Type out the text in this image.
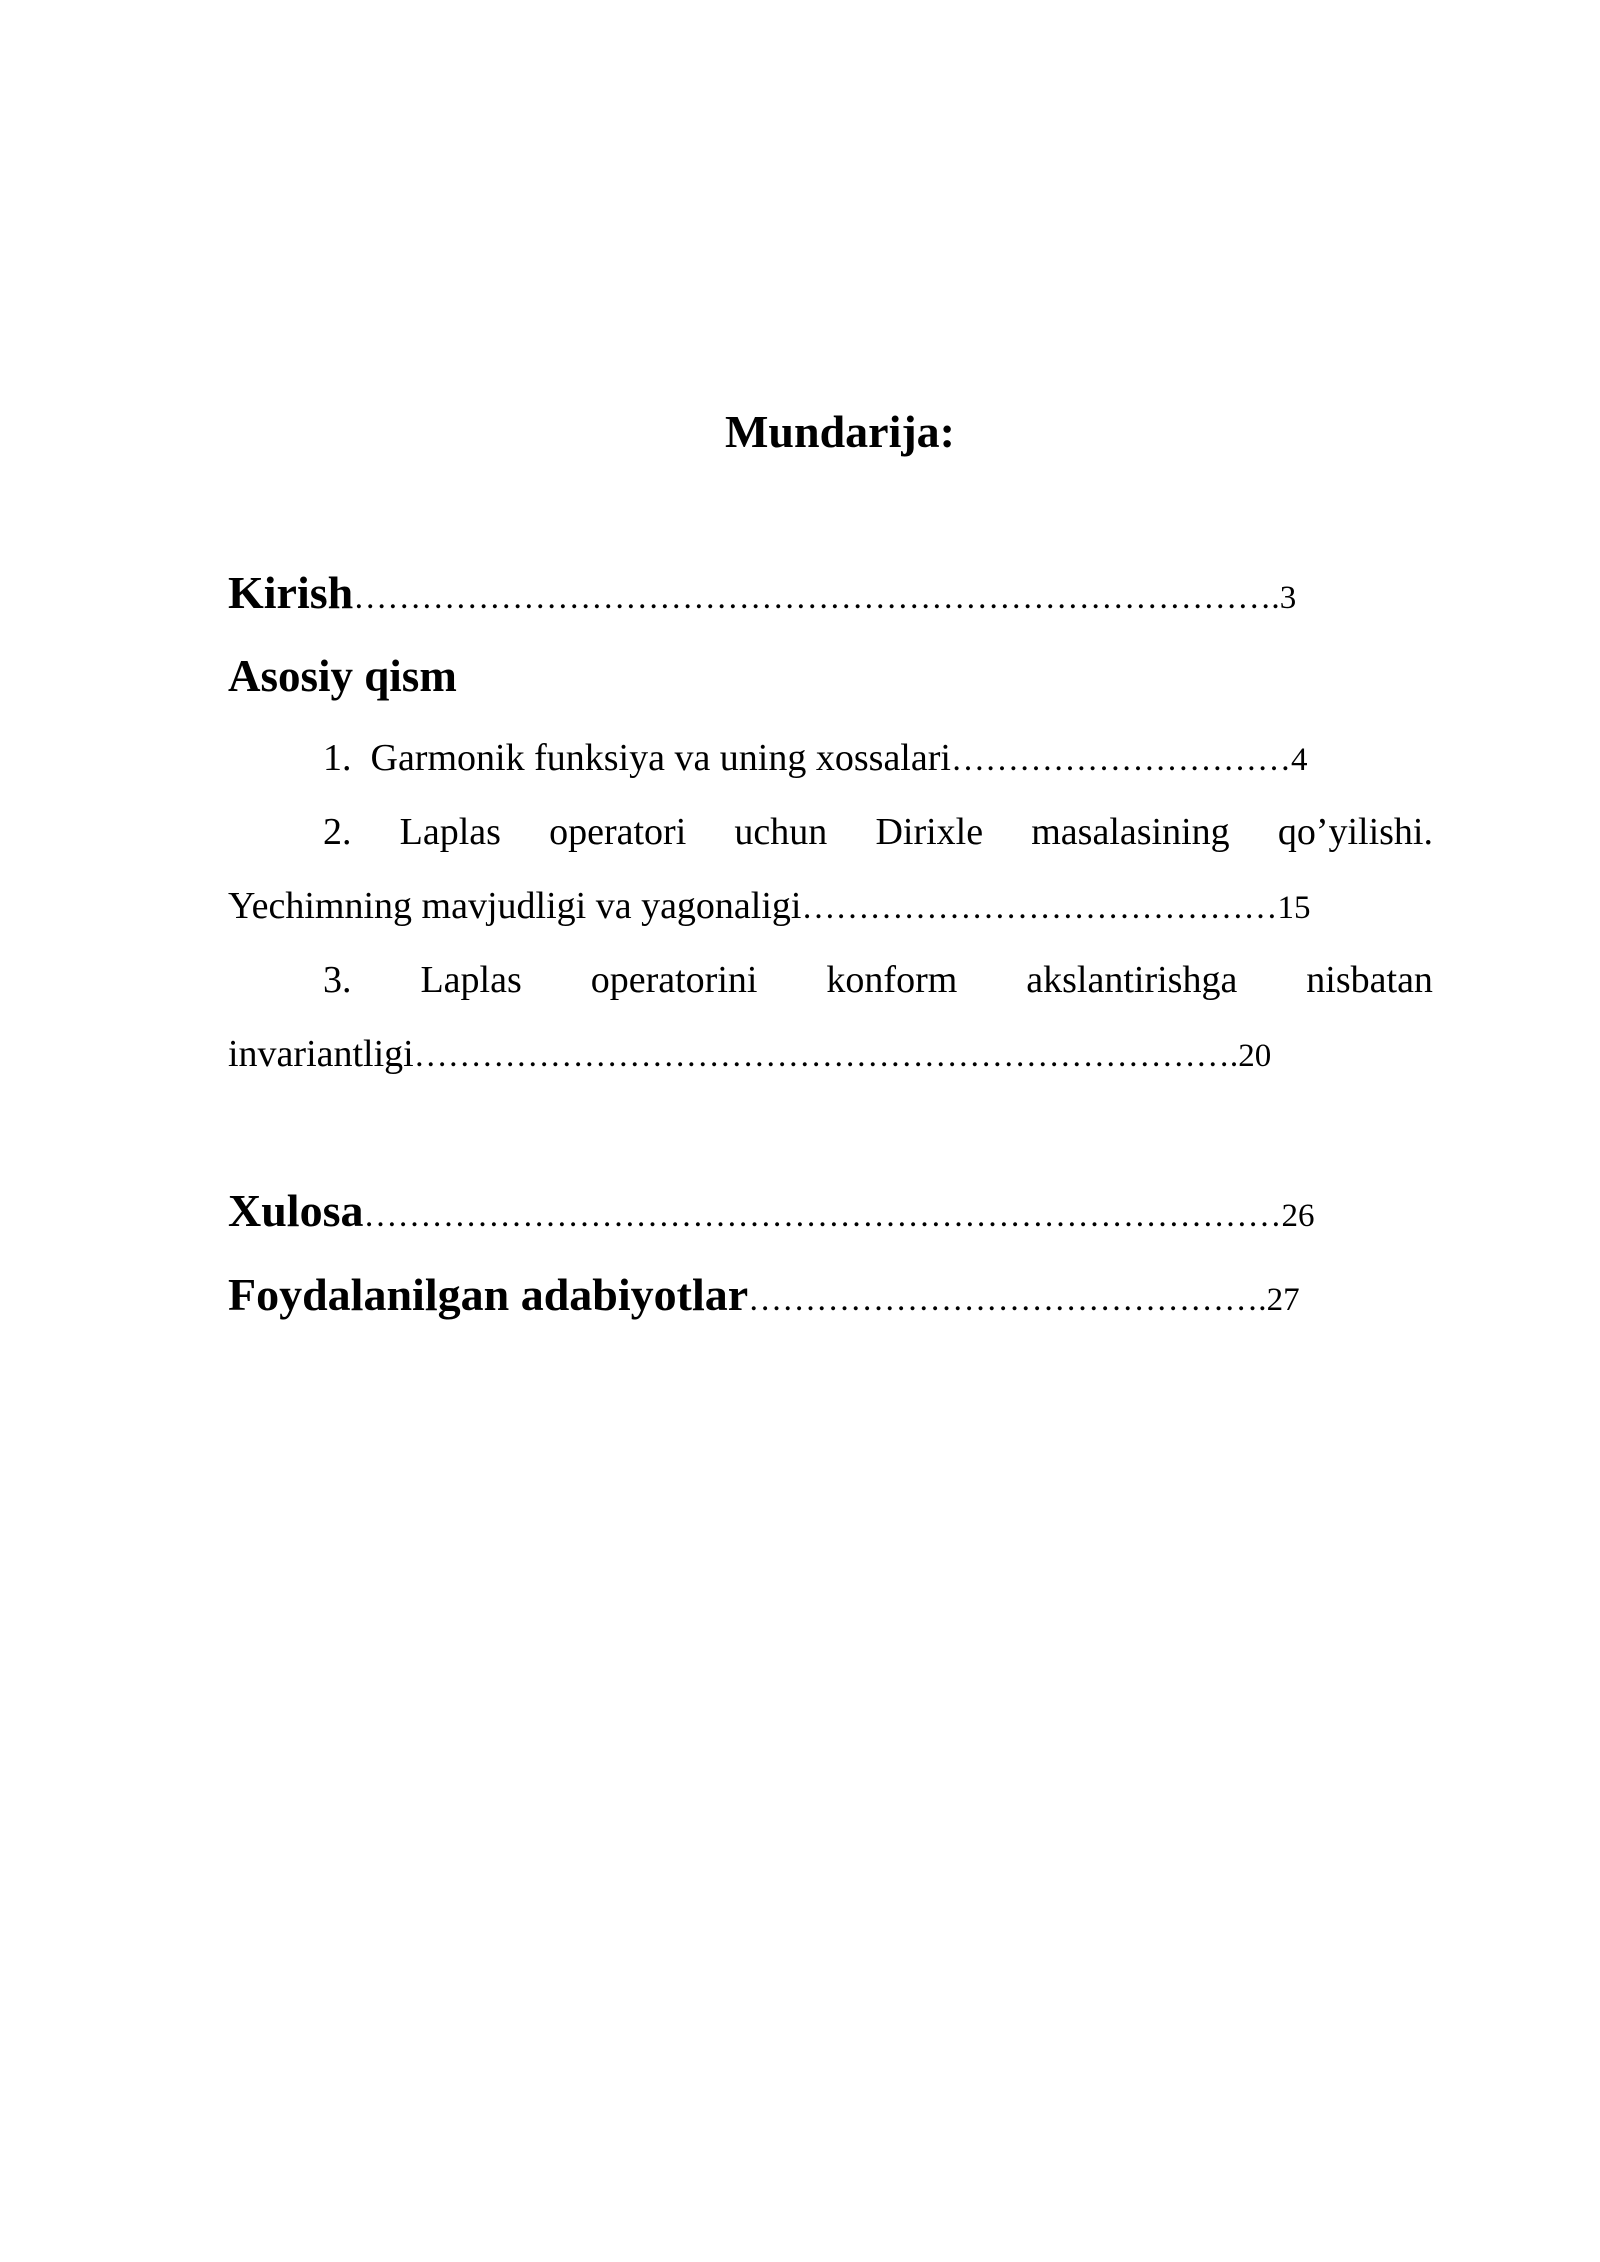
Mundarija:
Kirish……………………………………………………………………….3
Asosiy qism
1. Garmonik funksiya va uning xossalari…………………………4
2. Laplas operatori uchun Dirixle masalasining qo’yilishi.
Yechimning mavjudligi va yagonaligi……………………………………15
3. Laplas operatorini konform akslantirishga nisbatan
invariantligi……………………………………………………………….20
Xulosa………………………………………………………………………26
Foydalanilgan adabiyotlar……………………………………….27
